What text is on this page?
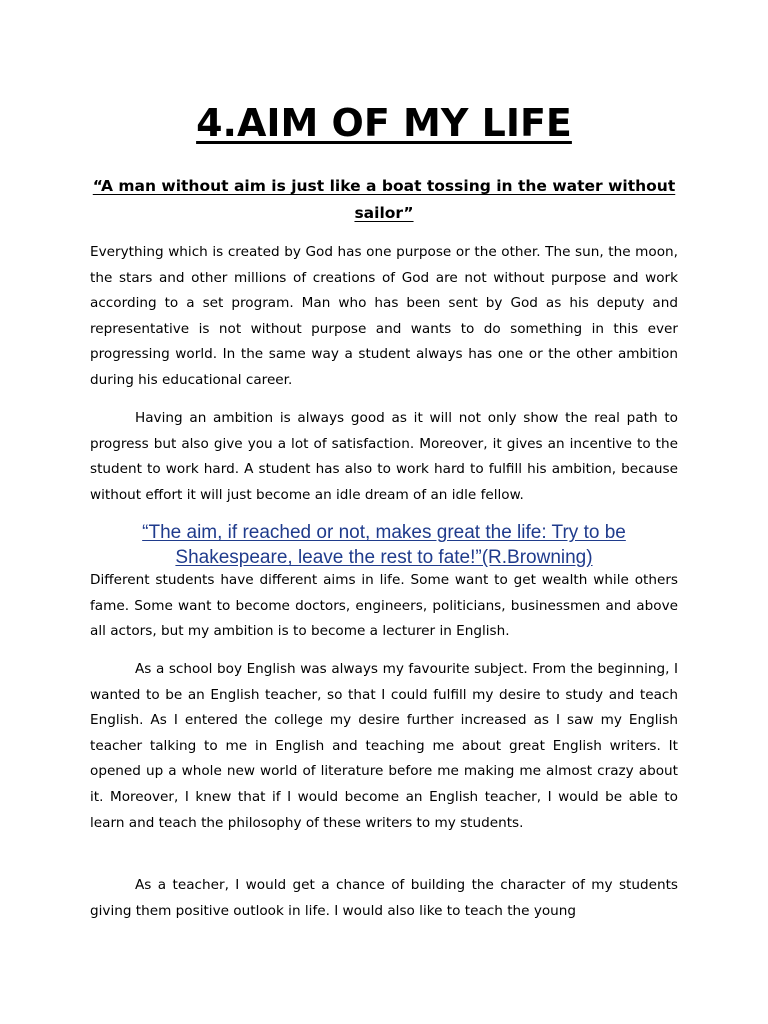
4.AIM OF MY LIFE
“A man without aim is just like a boat tossing in the water without sailor”

Everything which is created by God has one purpose or the other. The sun, the moon, the stars and other millions of creations of God are not without purpose and work according to a set program. Man who has been sent by God as his deputy and representative is not without purpose and wants to do something in this ever progressing world. In the same way a student always has one or the other ambition during his educational career.

Having an ambition is always good as it will not only show the real path to progress but also give you a lot of satisfaction. Moreover, it gives an incentive to the student to work hard. A student has also to work hard to fulfill his ambition, because without effort it will just become an idle dream of an idle fellow.

“The aim, if reached or not, makes great the life: Try to be Shakespeare, leave the rest to fate!”(R.Browning)

Different students have different aims in life. Some want to get wealth while others fame. Some want to become doctors, engineers, politicians, businessmen and above all actors, but my ambition is to become a lecturer in English.

As a school boy English was always my favourite subject. From the beginning, I wanted to be an English teacher, so that I could fulfill my desire to study and teach English. As I entered the college my desire further increased as I saw my English teacher talking to me in English and teaching me about great English writers. It opened up a whole new world of literature before me making me almost crazy about it. Moreover, I knew that if I would become an English teacher, I would be able to learn and teach the philosophy of these writers to my students.

As a teacher, I would get a chance of building the character of my students giving them positive outlook in life. I would also like to teach the young
